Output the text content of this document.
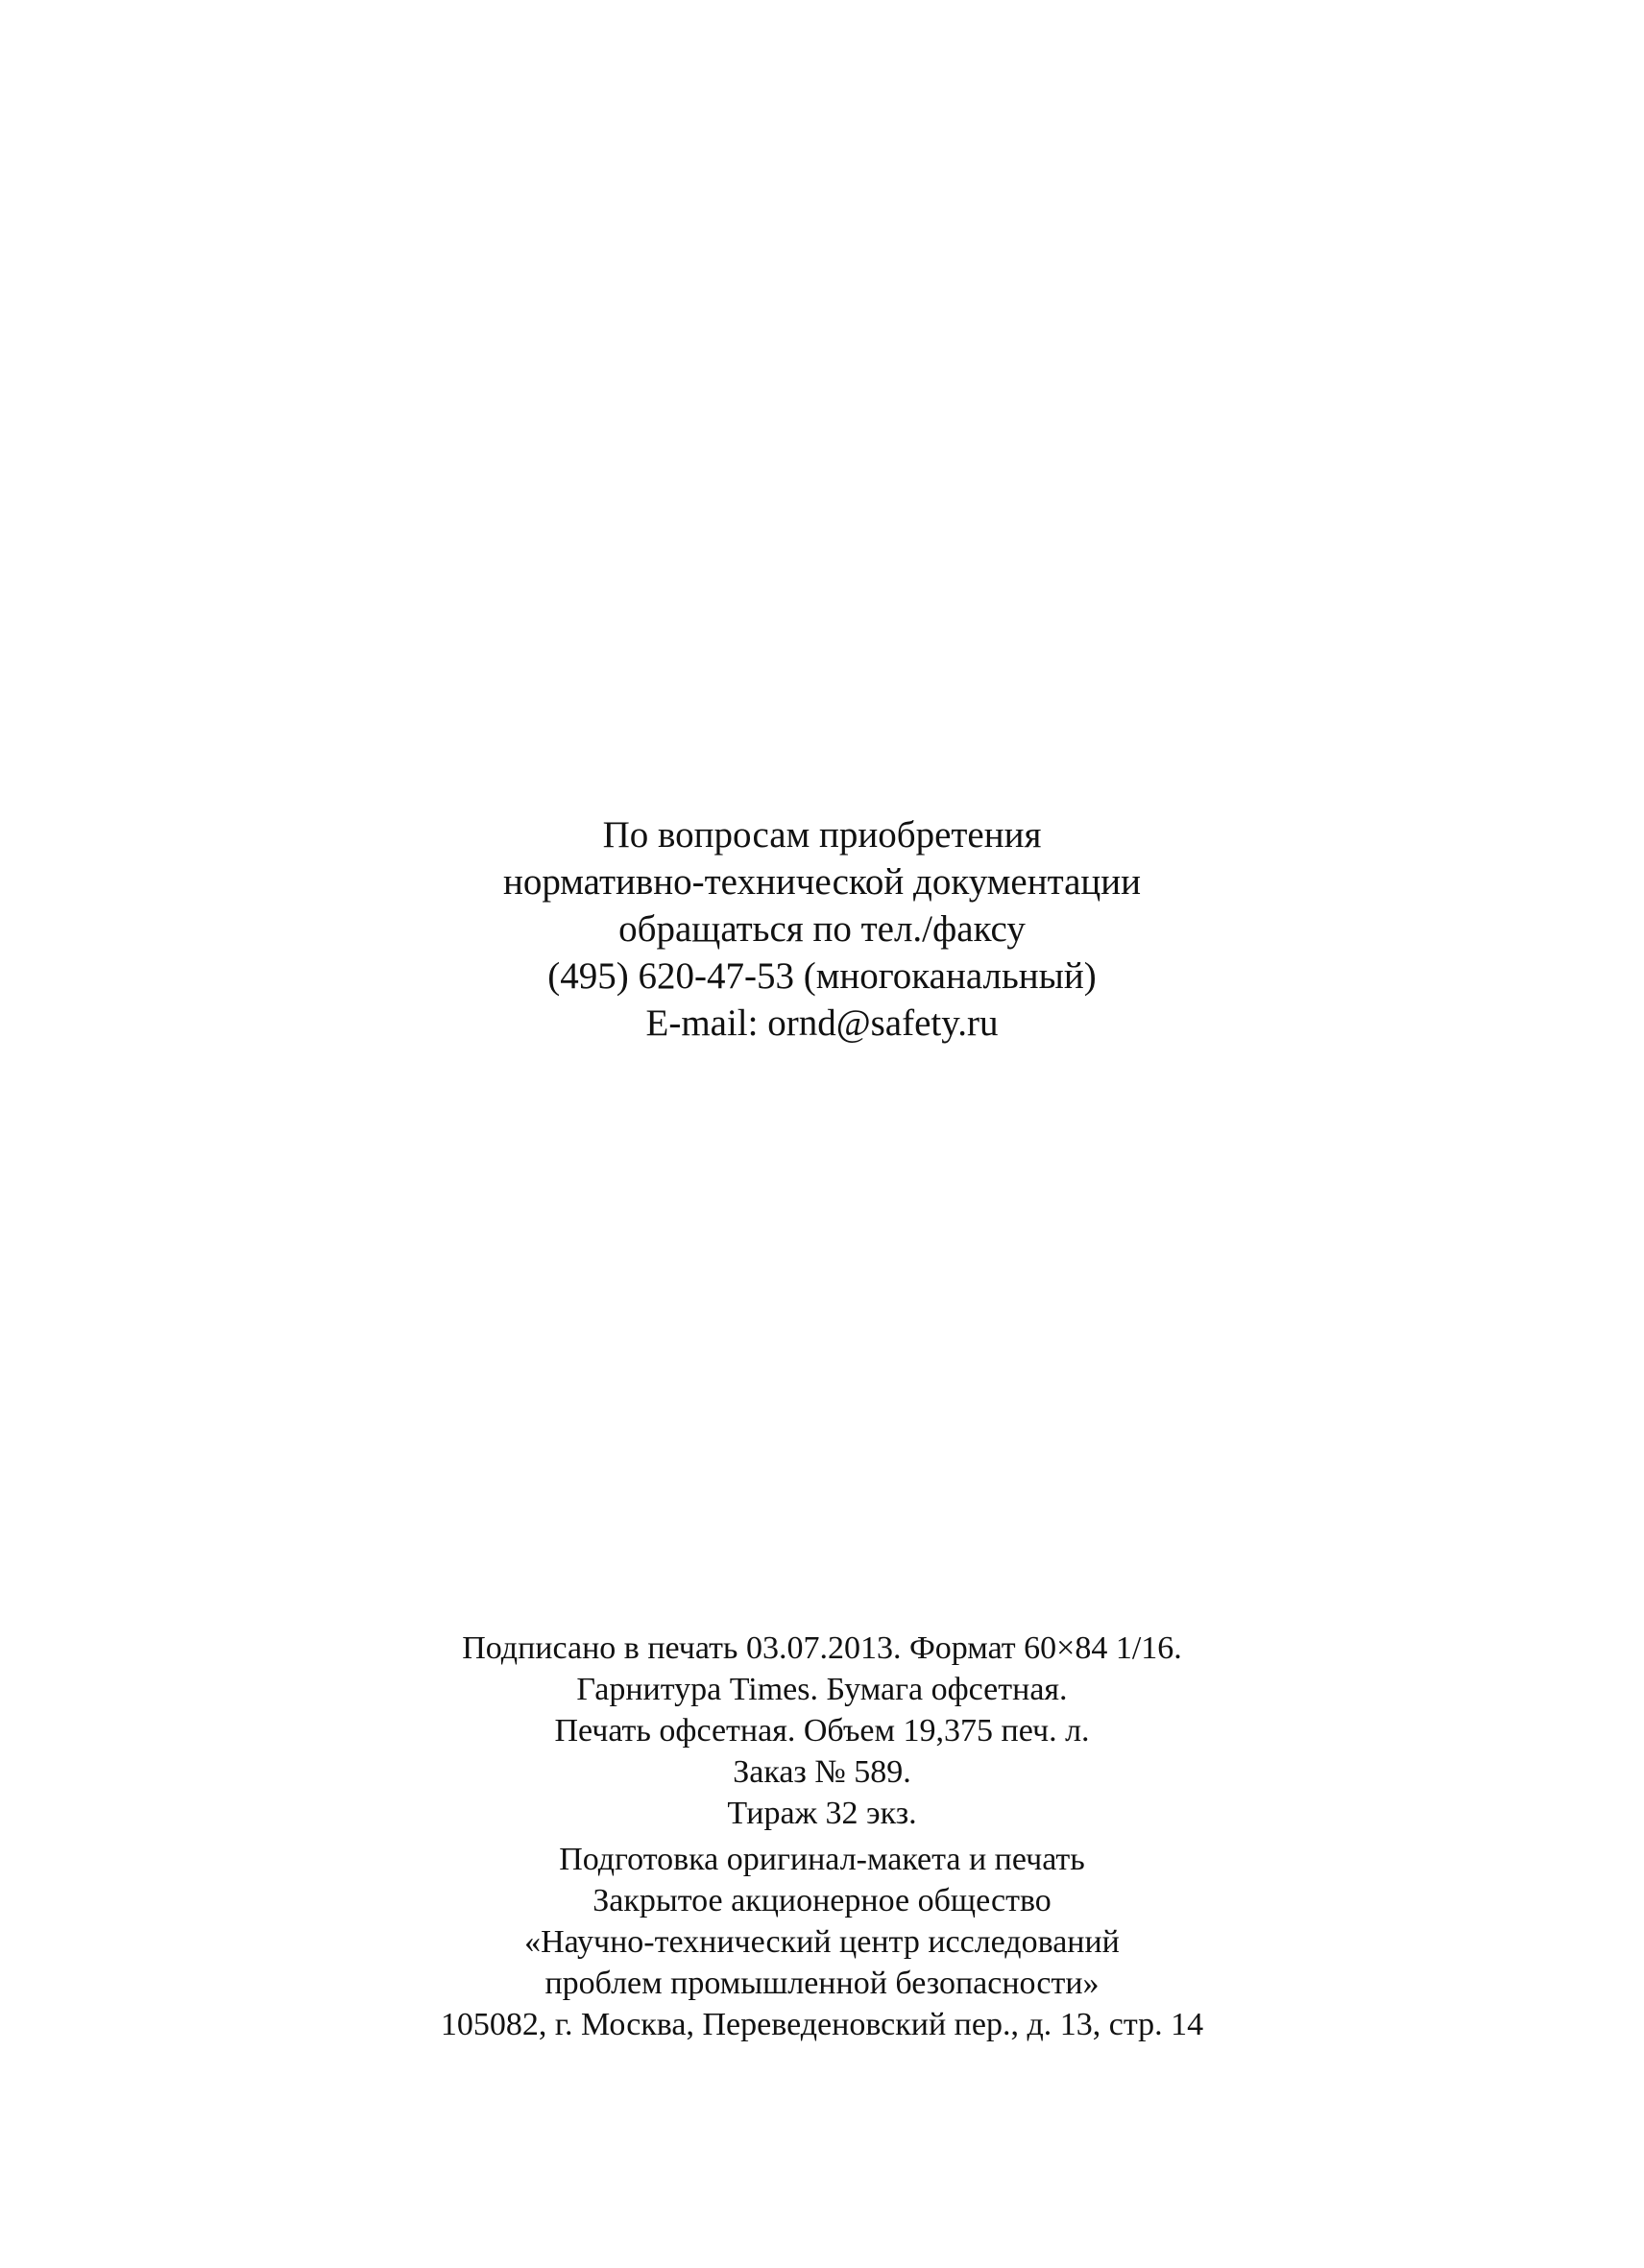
По вопросам приобретения
нормативно-технической документации
обращаться по тел./факсу
(495) 620-47-53 (многоканальный)
E-mail: ornd@safety.ru
Подписано в печать 03.07.2013. Формат 60×84 1/16.
Гарнитура Times. Бумага офсетная.
Печать офсетная. Объем 19,375 печ. л.
Заказ № 589.
Тираж 32 экз.
Подготовка оригинал-макета и печать
Закрытое акционерное общество
«Научно-технический центр исследований
проблем промышленной безопасности»
105082, г. Москва, Переведеновский пер., д. 13, стр. 14
